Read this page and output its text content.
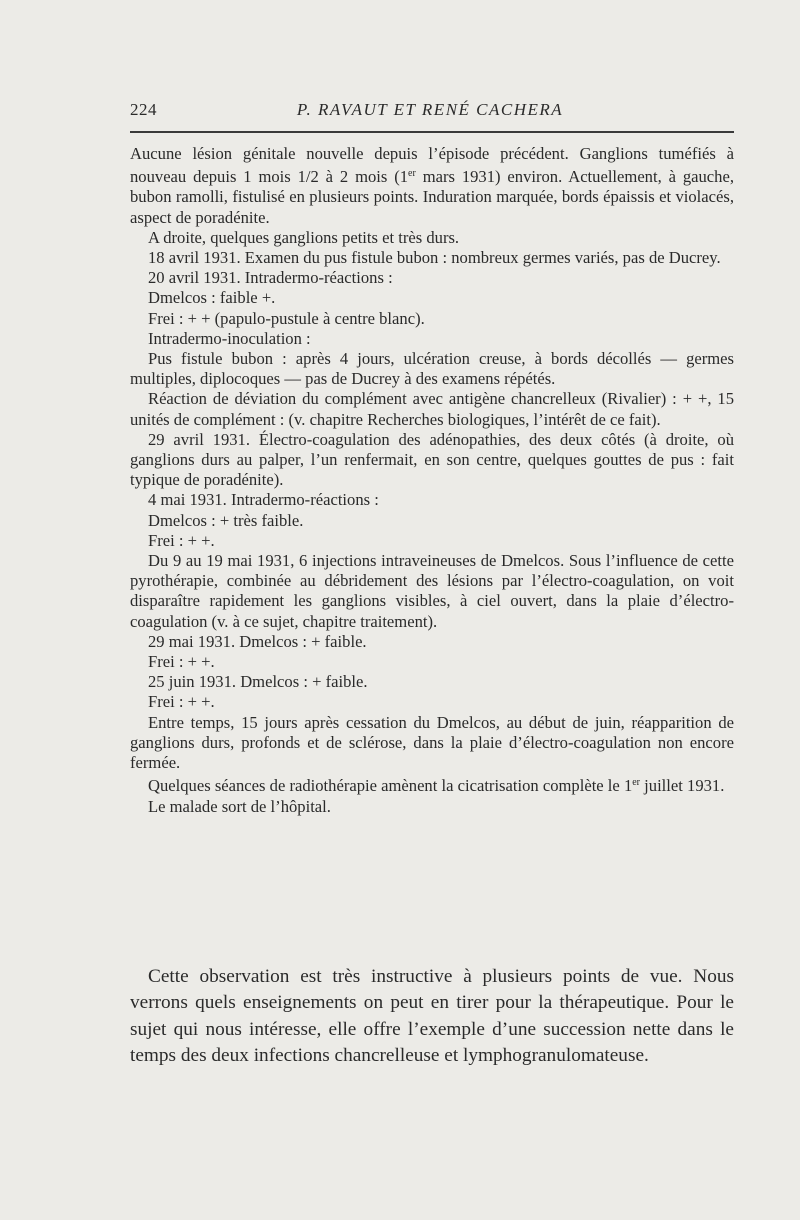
224	P. RAVAUT ET RENÉ CACHERA

Aucune lésion génitale nouvelle depuis l’épisode précédent. Ganglions tuméfiés à nouveau depuis 1 mois 1/2 à 2 mois (1er mars 1931) environ. Actuellement, à gauche, bubon ramolli, fistulisé en plusieurs points. Induration marquée, bords épaissis et violacés, aspect de poradénite.

A droite, quelques ganglions petits et très durs.

18 avril 1931. Examen du pus fistule bubon : nombreux germes variés, pas de Ducrey.

20 avril 1931. Intradermo-réactions :

Dmelcos : faible +.

Frei : + + (papulo-pustule à centre blanc).

Intradermo-inoculation :

Pus fistule bubon : après 4 jours, ulcération creuse, à bords décollés — germes multiples, diplocoques — pas de Ducrey à des examens répétés.

Réaction de déviation du complément avec antigène chancrelleux (Rivalier) : + +, 15 unités de complément : (v. chapitre Recherches biologiques, l’intérêt de ce fait).

29 avril 1931. Électro-coagulation des adénopathies, des deux côtés (à droite, où ganglions durs au palper, l’un renfermait, en son centre, quelques gouttes de pus : fait typique de poradénite).

4 mai 1931. Intradermo-réactions :

Dmelcos : + très faible.

Frei : + +.

Du 9 au 19 mai 1931, 6 injections intraveineuses de Dmelcos. Sous l’influence de cette pyrothérapie, combinée au débridement des lésions par l’électro-coagulation, on voit disparaître rapidement les ganglions visibles, à ciel ouvert, dans la plaie d’électro-coagulation (v. à ce sujet, chapitre traitement).

29 mai 1931. Dmelcos : + faible.

Frei : + +.

25 juin 1931. Dmelcos : + faible.

Frei : + +.

Entre temps, 15 jours après cessation du Dmelcos, au début de juin, réapparition de ganglions durs, profonds et de sclérose, dans la plaie d’électro-coagulation non encore fermée.

Quelques séances de radiothérapie amènent la cicatrisation complète le 1er juillet 1931.

Le malade sort de l’hôpital.

Cette observation est très instructive à plusieurs points de vue. Nous verrons quels enseignements on peut en tirer pour la thérapeutique. Pour le sujet qui nous intéresse, elle offre l’exemple d’une succession nette dans le temps des deux infections chancrelleuse et lymphogranulomateuse.
